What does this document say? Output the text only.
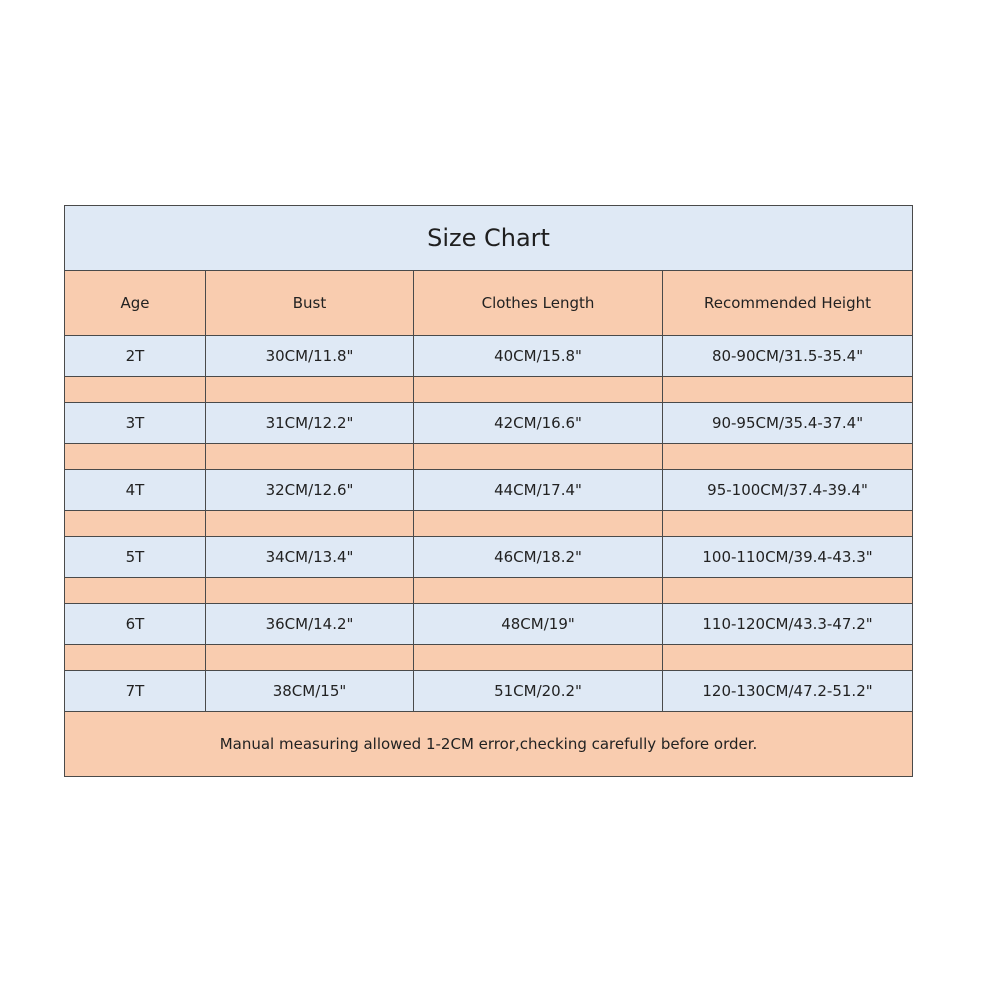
Size Chart			
Age	Bust	Clothes Length	Recommended Height
2T	30CM/11.8"	40CM/15.8"	80-90CM/31.5-35.4"

3T	31CM/12.2"	42CM/16.6"	90-95CM/35.4-37.4"

4T	32CM/12.6"	44CM/17.4"	95-100CM/37.4-39.4"

5T	34CM/13.4"	46CM/18.2"	100-110CM/39.4-43.3"

6T	36CM/14.2"	48CM/19"	110-120CM/43.3-47.2"

7T	38CM/15"	51CM/20.2"	120-130CM/47.2-51.2"
Manual measuring allowed 1-2CM error,checking carefully before order.			
